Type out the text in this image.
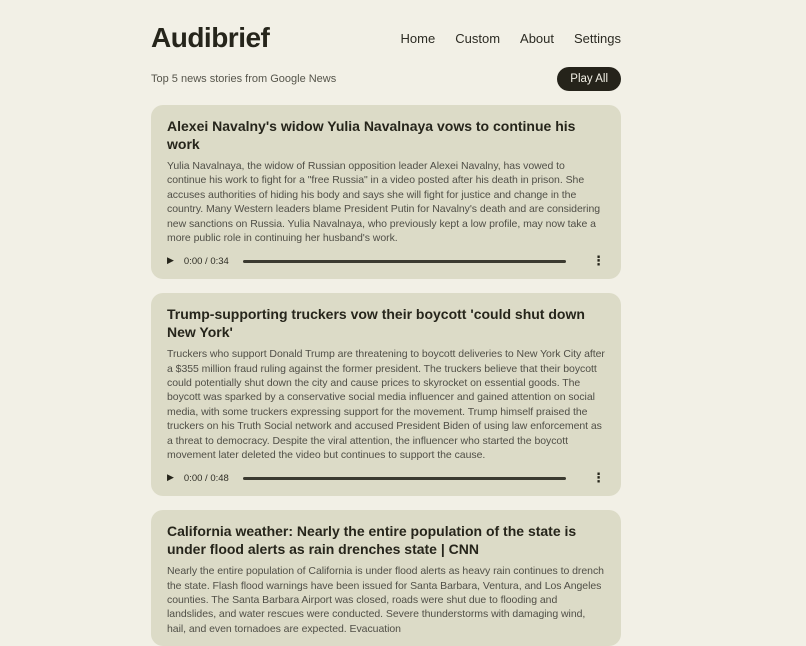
Audibrief	Home Custom About Settings
Top 5 news stories from Google News	Play All
Alexei Navalny's widow Yulia Navalnaya vows to continue his work

Yulia Navalnaya, the widow of Russian opposition leader Alexei Navalny, has vowed to continue his work to fight for a "free Russia" in a video posted after his death in prison. She accuses authorities of hiding his body and says she will fight for justice and change in the country. Many Western leaders blame President Putin for Navalny's death and are considering new sanctions on Russia. Yulia Navalnaya, who previously kept a low profile, may now take a more public role in continuing her husband's work.

▶ 0:00 / 0:34	⋮
Trump-supporting truckers vow their boycott 'could shut down New York'

Truckers who support Donald Trump are threatening to boycott deliveries to New York City after a $355 million fraud ruling against the former president. The truckers believe that their boycott could potentially shut down the city and cause prices to skyrocket on essential goods. The boycott was sparked by a conservative social media influencer and gained attention on social media, with some truckers expressing support for the movement. Trump himself praised the truckers on his Truth Social network and accused President Biden of using law enforcement as a threat to democracy. Despite the viral attention, the influencer who started the boycott movement later deleted the video but continues to support the cause.

▶ 0:00 / 0:48	⋮
California weather: Nearly the entire population of the state is under flood alerts as rain drenches state | CNN

Nearly the entire population of California is under flood alerts as heavy rain continues to drench the state. Flash flood warnings have been issued for Santa Barbara, Ventura, and Los Angeles counties. The Santa Barbara Airport was closed, roads were shut due to flooding and landslides, and water rescues were conducted. Severe thunderstorms with damaging wind, hail, and even tornadoes are expected. Evacuation
